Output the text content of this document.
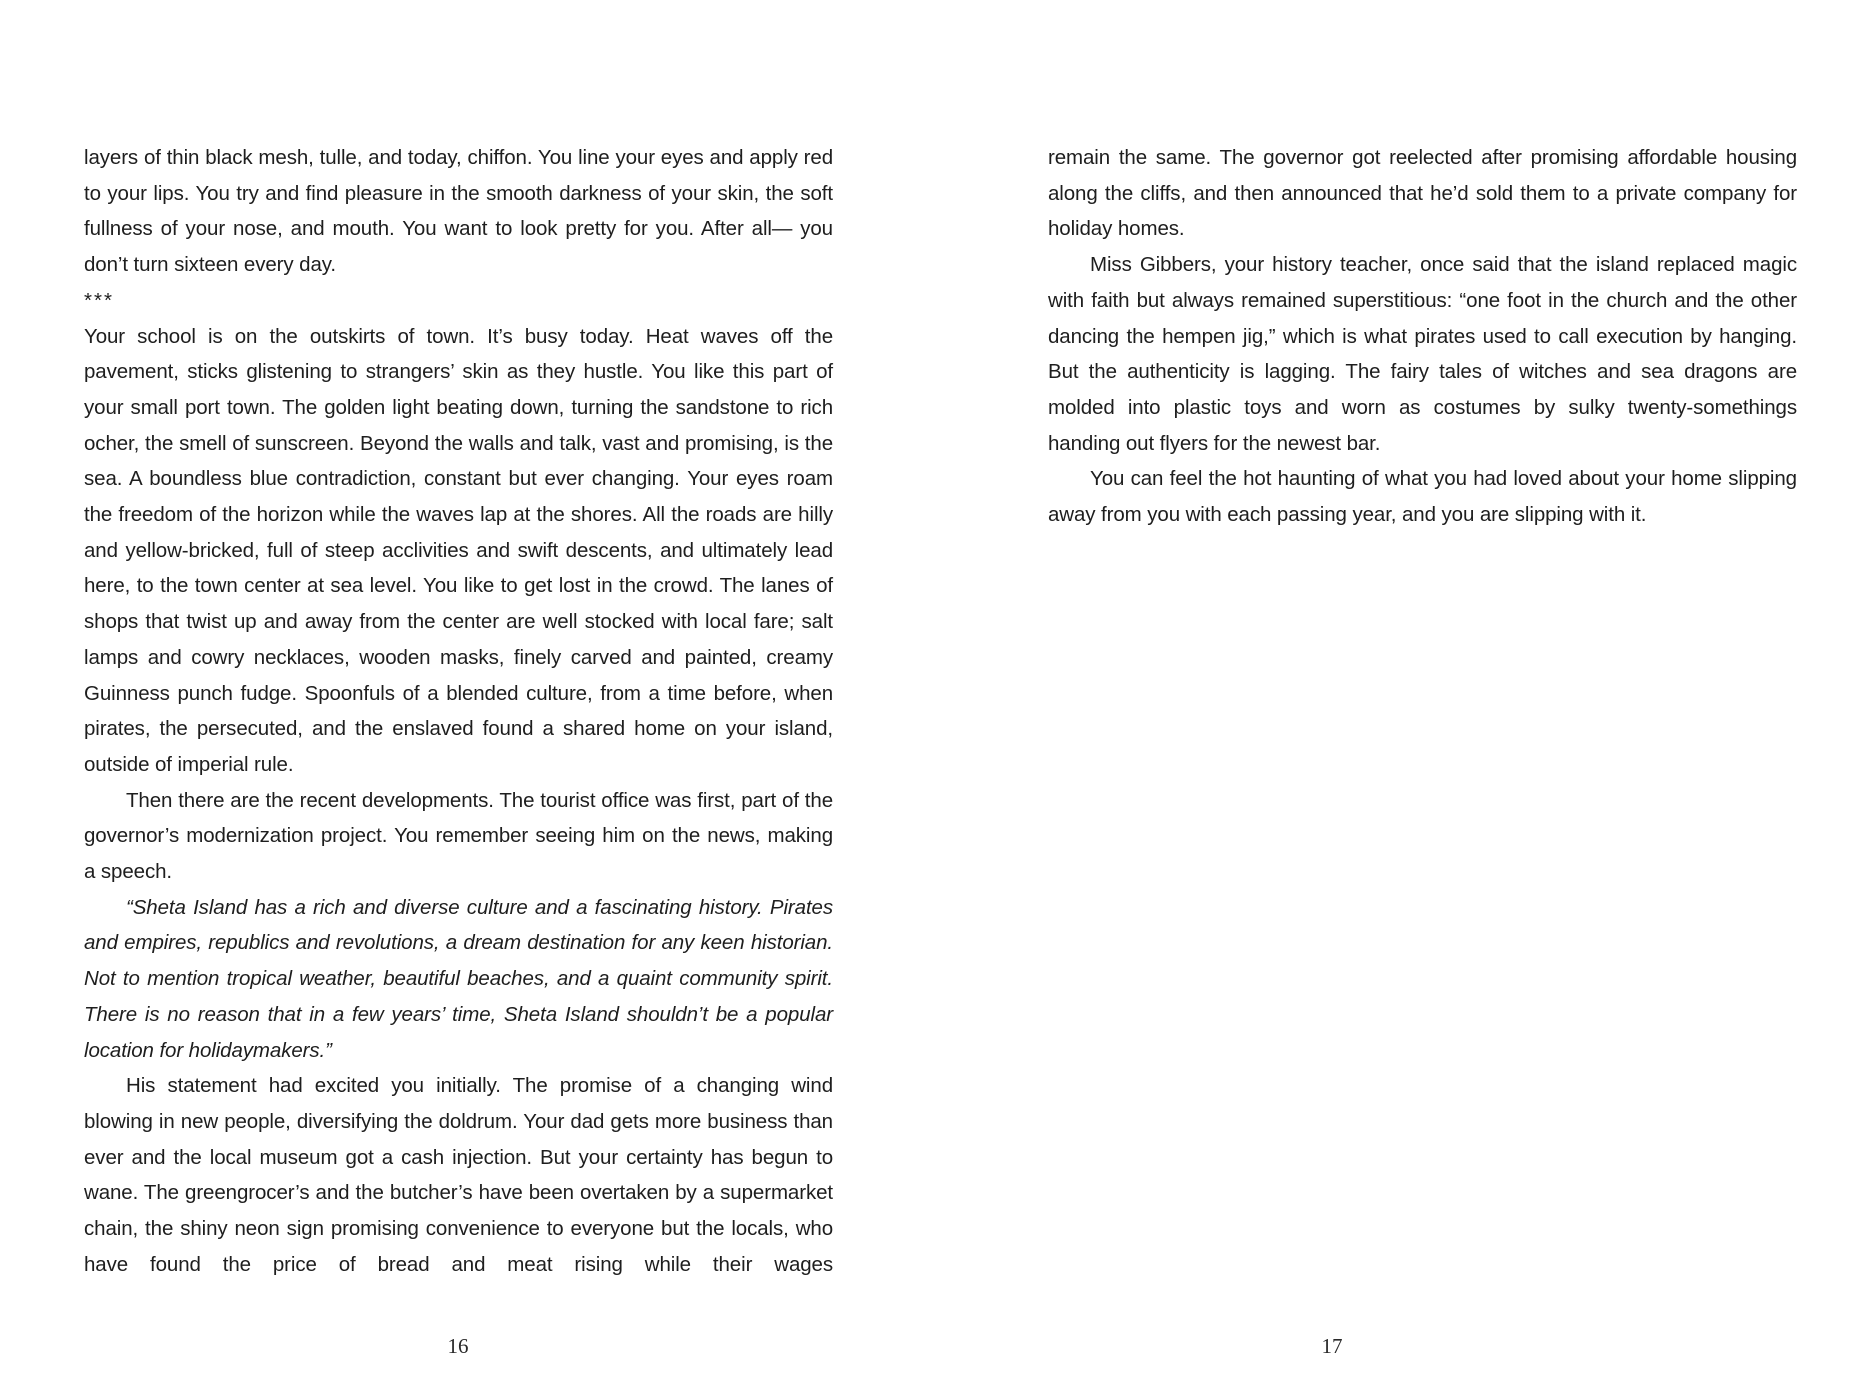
layers of thin black mesh, tulle, and today, chiffon. You line your eyes and apply red to your lips. You try and find pleasure in the smooth darkness of your skin, the soft fullness of your nose, and mouth. You want to look pretty for you. After all— you don’t turn sixteen every day.

***

Your school is on the outskirts of town. It’s busy today. Heat waves off the pavement, sticks glistening to strangers’ skin as they hustle. You like this part of your small port town. The golden light beating down, turning the sandstone to rich ocher, the smell of sunscreen. Beyond the walls and talk, vast and promising, is the sea. A boundless blue contradiction, constant but ever changing. Your eyes roam the freedom of the horizon while the waves lap at the shores. All the roads are hilly and yellow-bricked, full of steep acclivities and swift descents, and ultimately lead here, to the town center at sea level. You like to get lost in the crowd. The lanes of shops that twist up and away from the center are well stocked with local fare; salt lamps and cowry necklaces, wooden masks, finely carved and painted, creamy Guinness punch fudge. Spoonfuls of a blended culture, from a time before, when pirates, the persecuted, and the enslaved found a shared home on your island, outside of imperial rule.

Then there are the recent developments. The tourist office was first, part of the governor’s modernization project. You remember seeing him on the news, making a speech.

“Sheta Island has a rich and diverse culture and a fascinating history. Pirates and empires, republics and revolutions, a dream destination for any keen historian. Not to mention tropical weather, beautiful beaches, and a quaint community spirit. There is no reason that in a few years’ time, Sheta Island shouldn’t be a popular location for holidaymakers.”

His statement had excited you initially. The promise of a changing wind blowing in new people, diversifying the doldrum. Your dad gets more business than ever and the local museum got a cash injection. But your certainty has begun to wane. The greengrocer’s and the butcher’s have been overtaken by a supermarket chain, the shiny neon sign promising convenience to everyone but the locals, who have found the price of bread and meat rising while their wages

16

remain the same. The governor got reelected after promising affordable housing along the cliffs, and then announced that he’d sold them to a private company for holiday homes.

Miss Gibbers, your history teacher, once said that the island replaced magic with faith but always remained superstitious: “one foot in the church and the other dancing the hempen jig,” which is what pirates used to call execution by hanging. But the authenticity is lagging. The fairy tales of witches and sea dragons are molded into plastic toys and worn as costumes by sulky twenty-somethings handing out flyers for the newest bar.

You can feel the hot haunting of what you had loved about your home slipping away from you with each passing year, and you are slipping with it.

17
